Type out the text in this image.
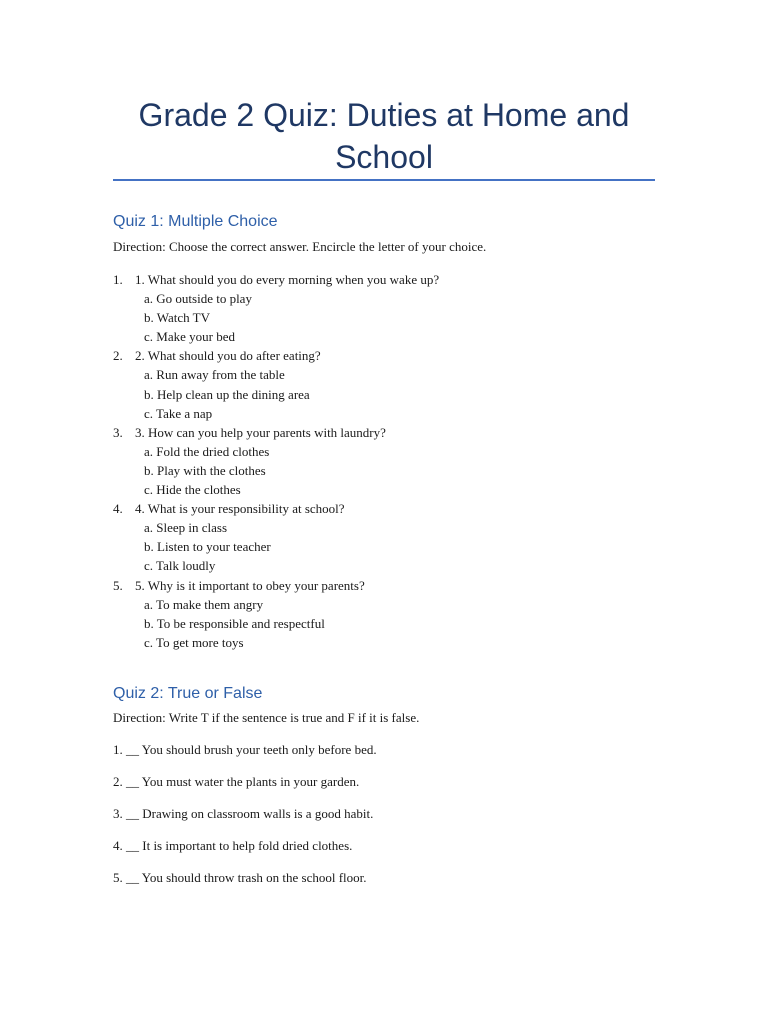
Grade 2 Quiz: Duties at Home and School
Quiz 1: Multiple Choice
Direction: Choose the correct answer. Encircle the letter of your choice.
1. 1. What should you do every morning when you wake up?
a. Go outside to play
b. Watch TV
c. Make your bed
2. 2. What should you do after eating?
a. Run away from the table
b. Help clean up the dining area
c. Take a nap
3. 3. How can you help your parents with laundry?
a. Fold the dried clothes
b. Play with the clothes
c. Hide the clothes
4. 4. What is your responsibility at school?
a. Sleep in class
b. Listen to your teacher
c. Talk loudly
5. 5. Why is it important to obey your parents?
a. To make them angry
b. To be responsible and respectful
c. To get more toys
Quiz 2: True or False
Direction: Write T if the sentence is true and F if it is false.
1. __ You should brush your teeth only before bed.
2. __ You must water the plants in your garden.
3. __ Drawing on classroom walls is a good habit.
4. __ It is important to help fold dried clothes.
5. __ You should throw trash on the school floor.
